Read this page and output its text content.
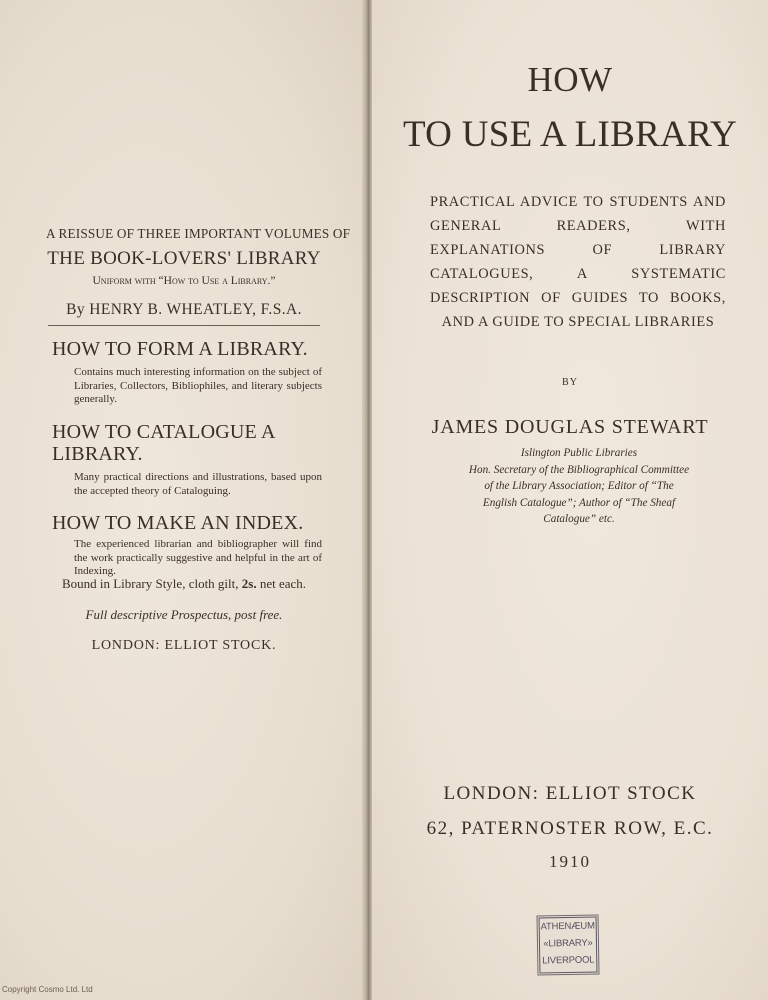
A REISSUE OF THREE IMPORTANT VOLUMES OF
THE BOOK-LOVERS' LIBRARY
Uniform with “How to Use a Library.”
By HENRY B. WHEATLEY, F.S.A.
HOW TO FORM A LIBRARY.
Contains much interesting information on the subject of Libraries, Collectors, Bibliophiles, and literary subjects generally.
HOW TO CATALOGUE A LIBRARY.
Many practical directions and illustrations, based upon the accepted theory of Cataloguing.
HOW TO MAKE AN INDEX.
The experienced librarian and bibliographer will find the work practically suggestive and helpful in the art of Indexing.
Bound in Library Style, cloth gilt, 2s. net each.
Full descriptive Prospectus, post free.
LONDON: ELLIOT STOCK.
Copyright Cosmo Ltd. Ltd
HOW
TO USE A LIBRARY
PRACTICAL ADVICE TO STUDENTS AND GENERAL READERS, WITH EXPLANATIONS OF LIBRARY CATALOGUES, A SYSTEMATIC DESCRIPTION OF GUIDES TO BOOKS, AND A GUIDE TO SPECIAL LIBRARIES
BY
JAMES DOUGLAS STEWART
Islington Public Libraries
Hon. Secretary of the Bibliographical Committee
of the Library Association; Editor of “The
English Catalogue”; Author of “The Sheaf
Catalogue” etc.
LONDON: ELLIOT STOCK
62, PATERNOSTER ROW, E.C.
1910
ATHENÆUM
«LIBRARY»
LIVERPOOL
